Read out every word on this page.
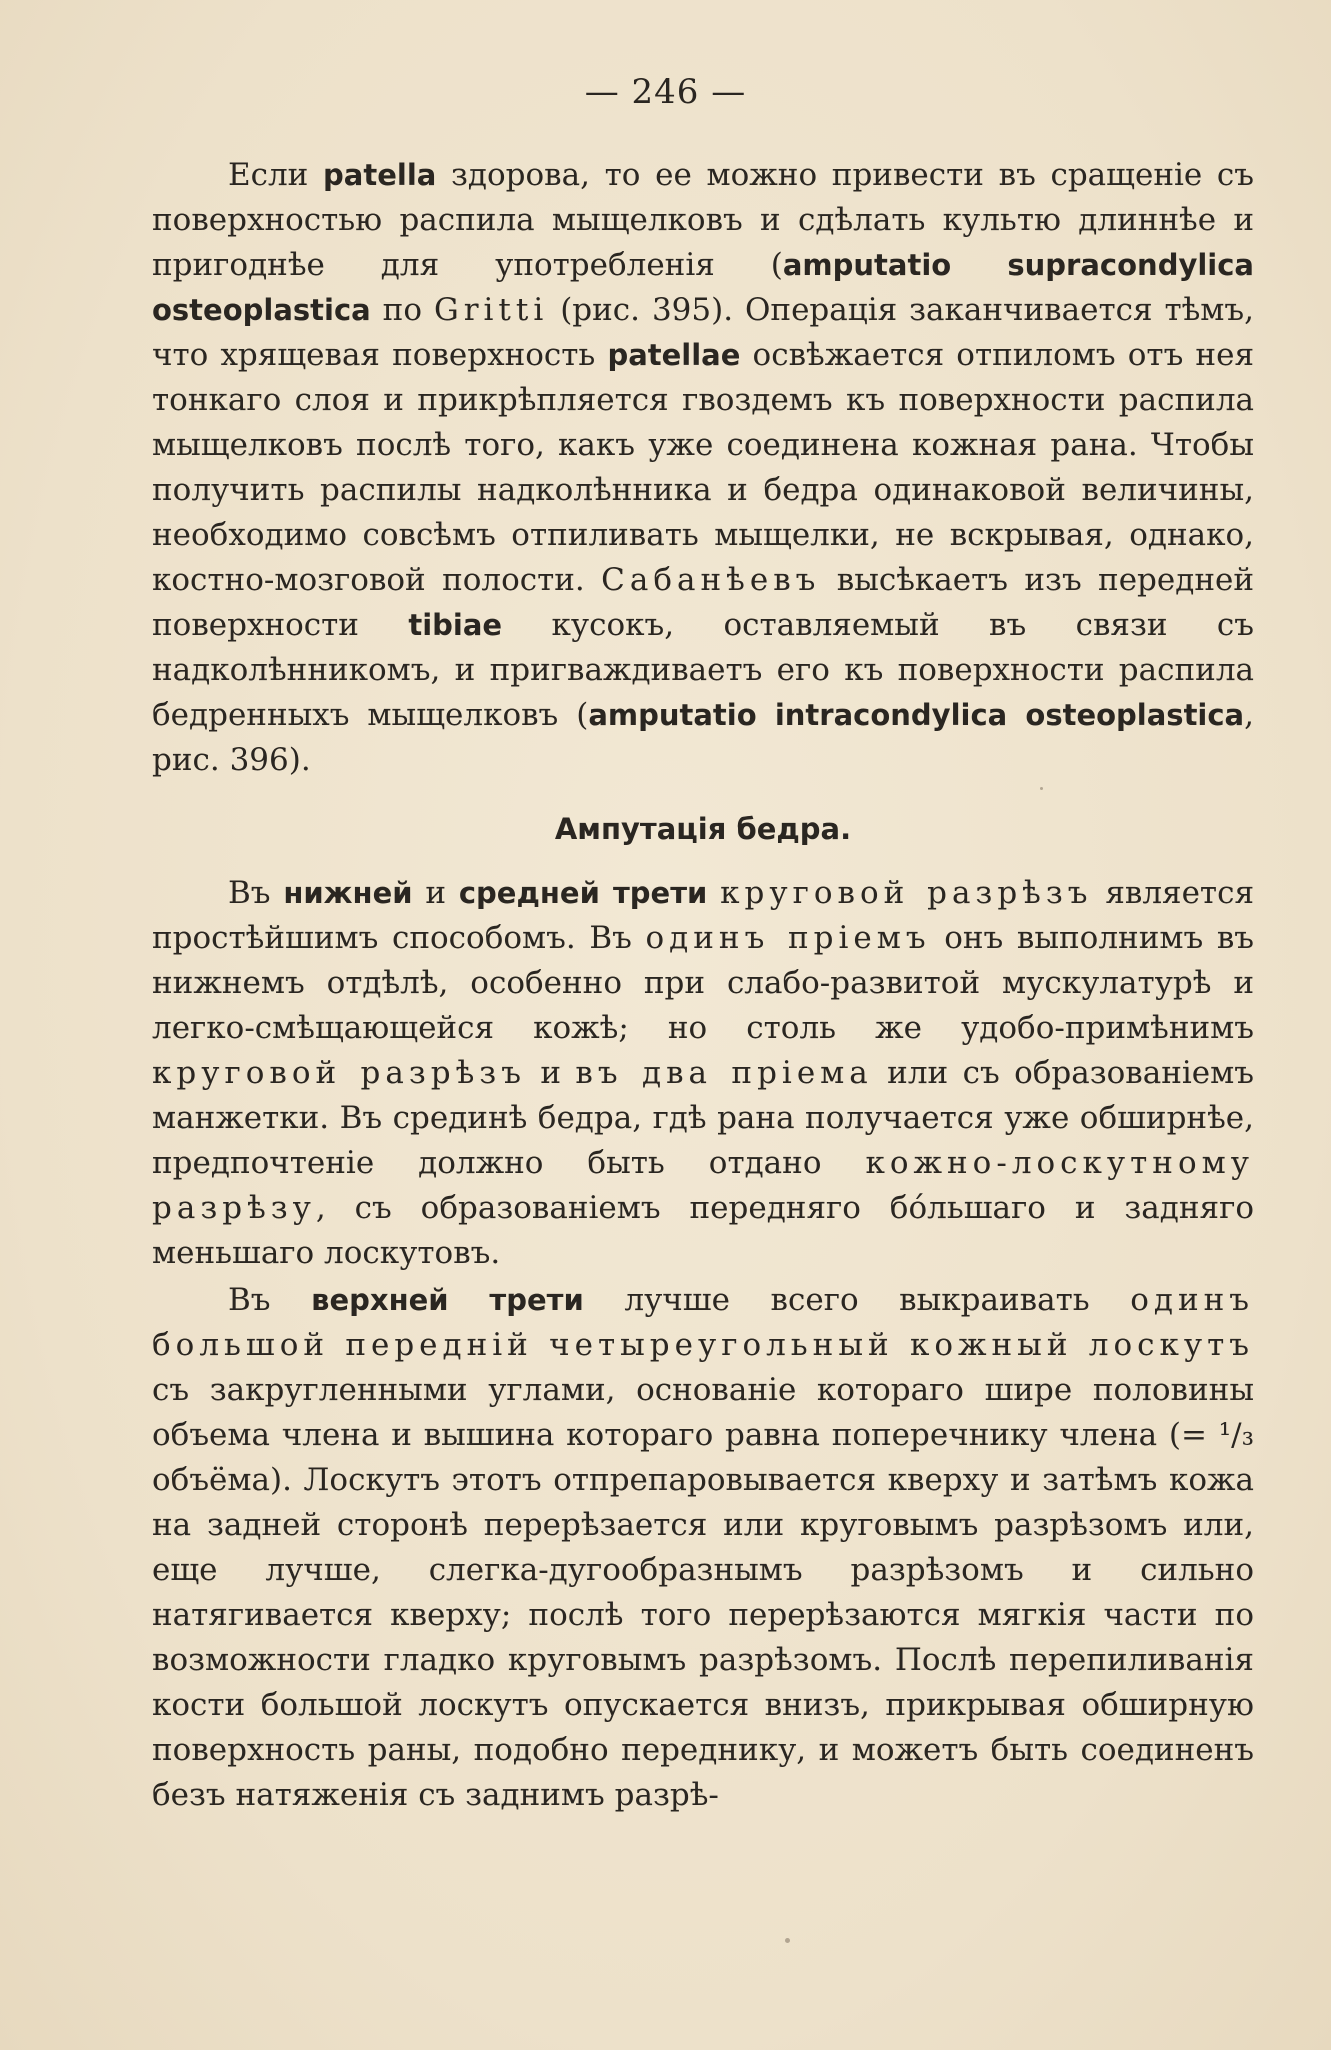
— 246 —

Если patella здорова, то ее можно привести въ сращеніе съ поверхностью распила мыщелковъ и сдѣлать культю длиннѣе и пригоднѣе для употребленія (amputatio supracondylica osteoplastica по Gritti (рис. 395). Операція заканчивается тѣмъ, что хрящевая поверхность patellae освѣжается отпиломъ отъ нея тонкаго слоя и прикрѣпляется гвоздемъ къ поверхности распила мыщелковъ послѣ того, какъ уже соединена кожная рана. Чтобы получить распилы надколѣнника и бедра одинаковой величины, необходимо совсѣмъ отпиливать мыщелки, не вскрывая, однако, костно-мозговой полости. Сабанѣевъ высѣкаетъ изъ передней поверхности tibiae кусокъ, оставляемый въ связи съ надколѣнникомъ, и пригваждиваетъ его къ поверхности распила бедренныхъ мыщелковъ (amputatio intracondylica osteoplastica, рис. 396).

Ампутація бедра.

Въ нижней и средней трети круговой разрѣзъ является простѣйшимъ способомъ. Въ одинъ пріемъ онъ выполнимъ въ нижнемъ отдѣлѣ, особенно при слабо-развитой мускулатурѣ и легко-смѣщающейся кожѣ; но столь же удобо-примѣнимъ круговой разрѣзъ и въ два пріема или съ образованіемъ манжетки. Въ срединѣ бедра, гдѣ рана получается уже обширнѣе, предпочтеніе должно быть отдано кожно-лоскутному разрѣзу, съ образованіемъ передняго бо́льшаго и задняго меньшаго лоскутовъ.

Въ верхней трети лучше всего выкраивать одинъ большой передній четыреугольный кожный лоскутъ съ закругленными углами, основаніе котораго шире половины объема члена и вышина котораго равна поперечнику члена (= ¹/₃ объёма). Лоскутъ этотъ отпрепаровывается кверху и затѣмъ кожа на задней сторонѣ перерѣзается или круговымъ разрѣзомъ или, еще лучше, слегка-дугообразнымъ разрѣзомъ и сильно натягивается кверху; послѣ того перерѣзаются мягкія части по возможности гладко круговымъ разрѣзомъ. Послѣ перепиливанія кости большой лоскутъ опускается внизъ, прикрывая обширную поверхность раны, подобно переднику, и можетъ быть соединенъ безъ натяженія съ заднимъ разрѣ-
